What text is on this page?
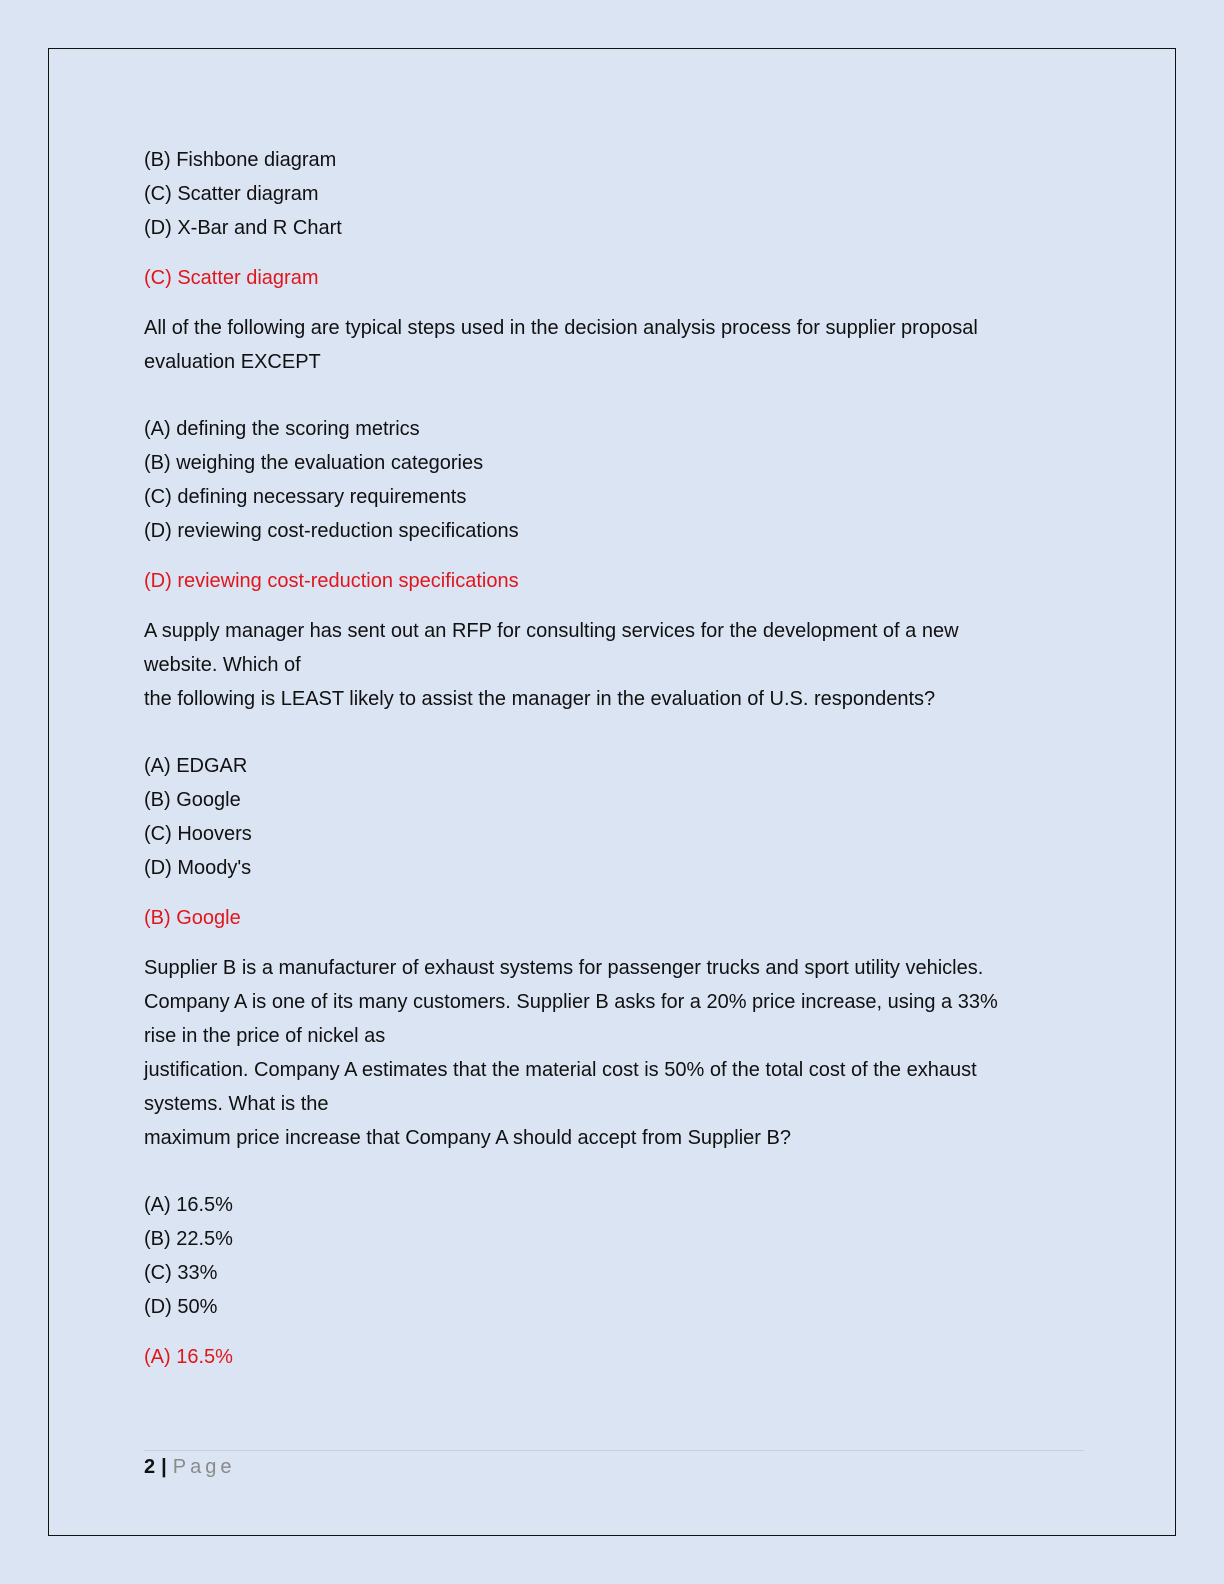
(B) Fishbone diagram
(C) Scatter diagram
(D) X-Bar and R Chart
(C) Scatter diagram
All of the following are typical steps used in the decision analysis process for supplier proposal
evaluation EXCEPT
(A) defining the scoring metrics
(B) weighing the evaluation categories
(C) defining necessary requirements
(D) reviewing cost-reduction specifications
(D) reviewing cost-reduction specifications
A supply manager has sent out an RFP for consulting services for the development of a new
website. Which of
the following is LEAST likely to assist the manager in the evaluation of U.S. respondents?
(A) EDGAR
(B) Google
(C) Hoovers
(D) Moody's
(B) Google
Supplier B is a manufacturer of exhaust systems for passenger trucks and sport utility vehicles.
Company A is one of its many customers. Supplier B asks for a 20% price increase, using a 33%
rise in the price of nickel as
justification. Company A estimates that the material cost is 50% of the total cost of the exhaust
systems. What is the
maximum price increase that Company A should accept from Supplier B?
(A) 16.5%
(B) 22.5%
(C) 33%
(D) 50%
(A) 16.5%
2 | Page
